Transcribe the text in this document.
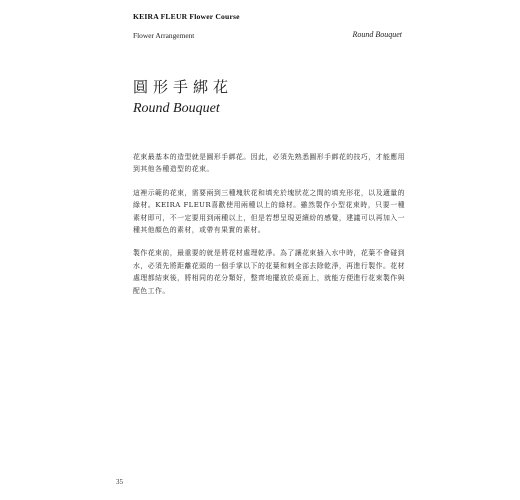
KEIRA FLEUR Flower Course
Flower Arrangement	Round Bouquet
圓形手綁花
Round Bouquet

花束最基本的造型就是圓形手綁花。因此，必須先熟悉圓形手綁花的技巧，才能應用到其他各種造型的花束。

這裡示範的花束，需要兩到三種塊狀花和填充於塊狀花之間的填充形花，以及適量的綠材。KEIRA FLEUR喜歡使用兩種以上的綠材。雖然製作小型花束時，只要一種素材即可，不一定要用到兩種以上，但是若想呈現更繽紛的感覺，建議可以再加入一種其他顏色的素材，或帶有果實的素材。

製作花束前，最重要的就是將花材處理乾淨。為了讓花束插入水中時，花葉不會碰到水，必須先將距離花頭的一個手掌以下的花葉和刺全部去除乾淨，再進行製作。花材處理都結束後，將相同的花分類好，整齊地擺放於桌面上，就能方便進行花束製作與配色工作。

35
